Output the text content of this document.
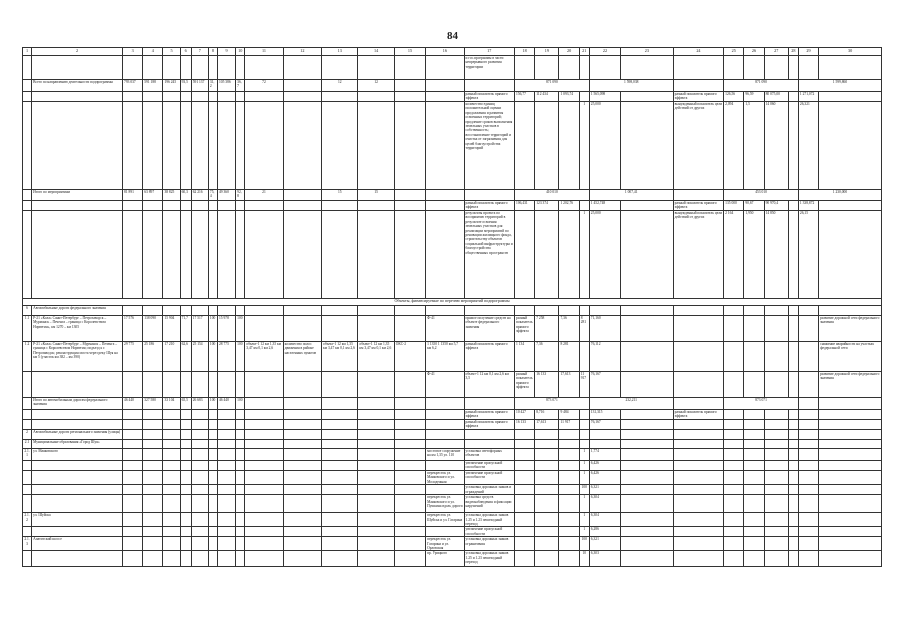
84
1	2	3	4	5	6	7	8	9	10	11	12	13	14	15	16	17	18	19	20	21	22	23	24	25	26	27	28	29	30
																и гос.программы в части непрерывного развития территории													
	Всего по направлению деятельности подпрограммы	793 037	591 188	196 245	93,5	591 137	31,2	105 386	36,7	72		12	12				871 090				1 598,038			871 090				1 599,860	
																разный показатель прямого эффекта	156,77	112 434	1 093,74		1 565,098		разный показатель прямого эффекта	126,56	96,59	80 075,00		1 271,072	
																количество единиц положительной оценки продолжения и развития освоенных территорий; продление сроков выполнения земельных участков в собственность; восстановление территорий и очистка от загрязнения для целей благоустройства территорий				1	25,000		вынужденный показатель цели действий от других	2,094	1,5	14 060		26,321	
	Итого по мероприятиям	81 891	63 897	38 825	60,3	62 216	75,4	49 360	92,8	21		15	15				410 010				1 007,41			453 010				1 230,000	
																разный показатель прямого эффекта	106,431	123 374	1 202,76		1 452,748		разный показатель прямого эффекта	135 000	90,67	90 970,4		1 338,872	
																результаты проекта по восприятию территорий в результате освоения земельных участков для реализации мероприятий по реновации жилищного фонда, строительству объектов социальной инфраструктуры и благоустройства общественных пространств				1	25,000		вынужденный показатель цели действий от других	2 164	1,950	14 850		26,15	
Объекты, финансируемые по перечню мероприятий подпрограммы																													
6	Автомобильные дороги федерального значения																												
1.1	Р-21 «Кола» Санкт-Петербург – Петрозаводск – Мурманск – Печенга – граница с Королевством Норвегия», км 1270 – км 1305	17 576	138 090	15 904	71,7	17 517	100	15 978	100						Ф-41	прямое получение средств на объекте федерального значения	разный показатель прямого эффекта	7 258	7,36	8 281	71,160								развитие дорожной сети федерального значения
1.2	Р-21 «Кола» Санкт-Петербург – Мурманск – Печенга – граница с Королевством Норвегия; подъезд к г. Петрозаводск; реконструкция моста через реку Шуя на км 5 (участок км 382 – км 390)	29 775	25 186	17 210	62,6	25 154	100	28 775	100	объект-1 12 км 1,35 км 3,47 км 0,1 км 2,6	количество полос движения в районе населенных пунктов	объект-1 12 км 1,35 км 3,47 км 0,1 км 2,6	объект-1 12 км 1,35 км 3,47 км 0,1 км 2,6	ОКС-2	1 1350 1 1350 км 5,7 км 6,2	разный показатель прямого эффекта	1 134	7,36	8 281		76,112								снижение аварийности на участках федеральной сети
															Ф-41	объект-1 12 км 0,1 км 2,6 км 3,5	разный показатель прямого эффекта	16 133	17,613	11 917	76,167								развитие дорожной сети федерального значения
	Итого по автомобильным дорогам федерального значения	46 440	327 580	33 104	65,5	26 683	100	46 440	100								873 071				232,211			873 071					
																разный показатель прямого эффекта	10 427	8,716	9 484		131,315		разный показатель прямого эффекта						
																разный показатель прямого эффекта	16 133	17,613	11 917		76,167								
2	Автомобильные дороги регионального значения (улицы)																												
2.1	Муниципальные образования «Город Шуя»																												
2.1.1	ул. Маяковского														мостовое сооружение на км 1,35 ул. 110	установка светофорных объектов				1	1,774								
																увеличение пропускной способности				1	6,426								
															перекресток ул. Маяковского и ул. Молодежная	увеличение пропускной способности				1	6,426								
																установка дорожных знаков и ограждений				100	6,321								
															перекресток ул. Маяковского и ул. Пушкина вдоль дороги	установка средств видеонаблюдения и фиксации нарушений				1	6,304								
2.1.2	ул. Шуйска														перекресток ул. Шуйска и ул. Гагарина	установка дорожных знаков 1.25 и 1.23 пешеходный переход				1	6,304								
																увеличение пропускной способности				1	6,286								
2.1.3	Апатитский шоссе														перекресток ул. Гагарина и ул. Орловская	установка дорожных знаков ограничения				100	6,321								
															пр. Урицкого	установка дорожных знаков 1.25 и 1.23 пешеходный переход				10	6,303								
